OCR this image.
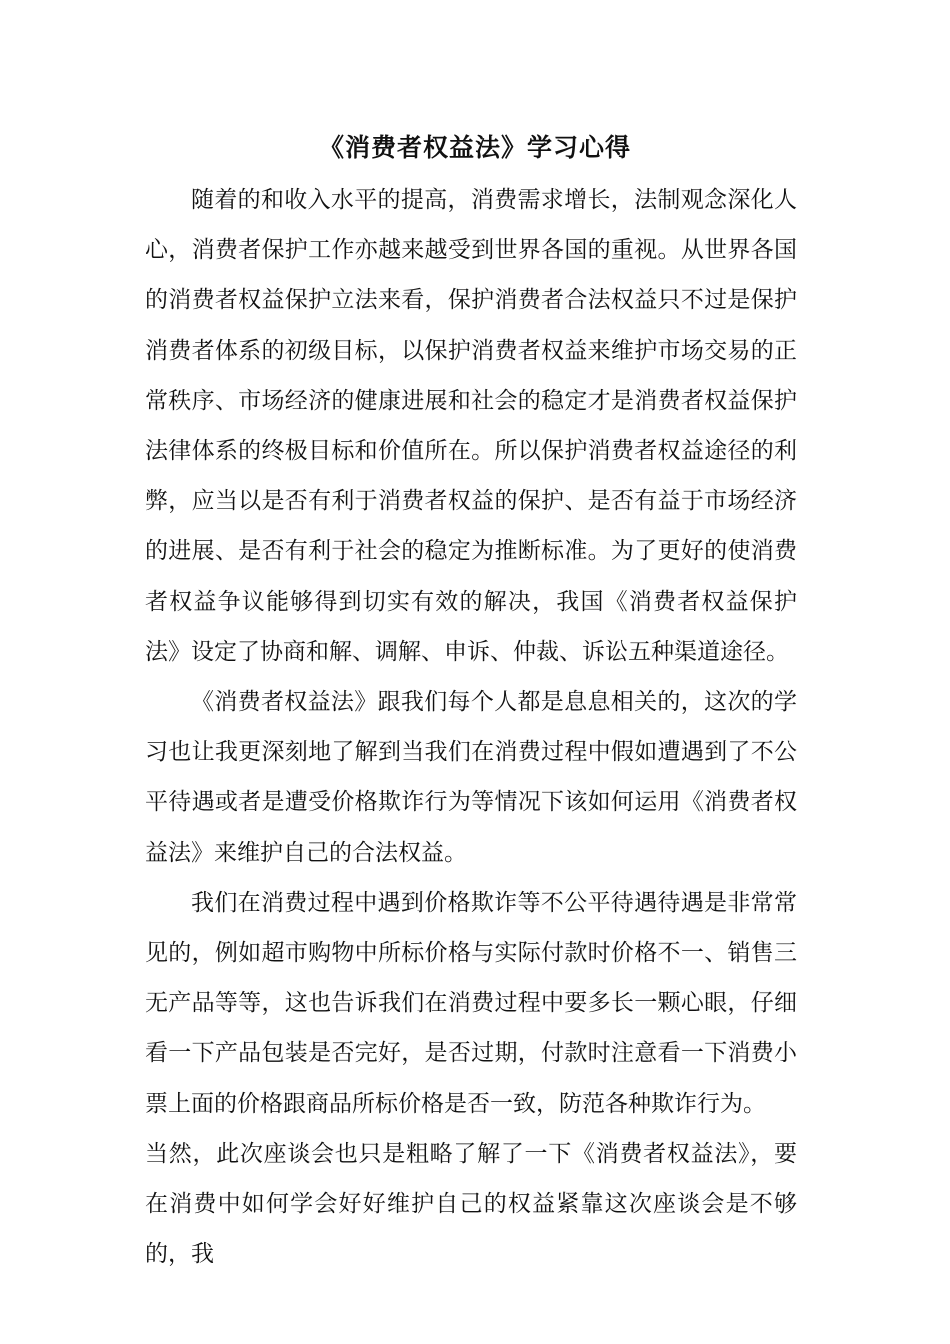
《消费者权益法》学习心得

随着的和收入水平的提高，消费需求增长，法制观念深化人心，消费者保护工作亦越来越受到世界各国的重视。从世界各国的消费者权益保护立法来看，保护消费者合法权益只不过是保护消费者体系的初级目标，以保护消费者权益来维护市场交易的正常秩序、市场经济的健康进展和社会的稳定才是消费者权益保护法律体系的终极目标和价值所在。所以保护消费者权益途径的利弊，应当以是否有利于消费者权益的保护、是否有益于市场经济的进展、是否有利于社会的稳定为推断标准。为了更好的使消费者权益争议能够得到切实有效的解决，我国《消费者权益保护法》设定了协商和解、调解、申诉、仲裁、诉讼五种渠道途径。

《消费者权益法》跟我们每个人都是息息相关的，这次的学习也让我更深刻地了解到当我们在消费过程中假如遭遇到了不公平待遇或者是遭受价格欺诈行为等情况下该如何运用《消费者权益法》来维护自己的合法权益。

我们在消费过程中遇到价格欺诈等不公平待遇待遇是非常常见的，例如超市购物中所标价格与实际付款时价格不一、销售三无产品等等，这也告诉我们在消费过程中要多长一颗心眼，仔细看一下产品包装是否完好，是否过期，付款时注意看一下消费小票上面的价格跟商品所标价格是否一致，防范各种欺诈行为。

当然，此次座谈会也只是粗略了解了一下《消费者权益法》，要在消费中如何学会好好维护自己的权益紧靠这次座谈会是不够的，我
